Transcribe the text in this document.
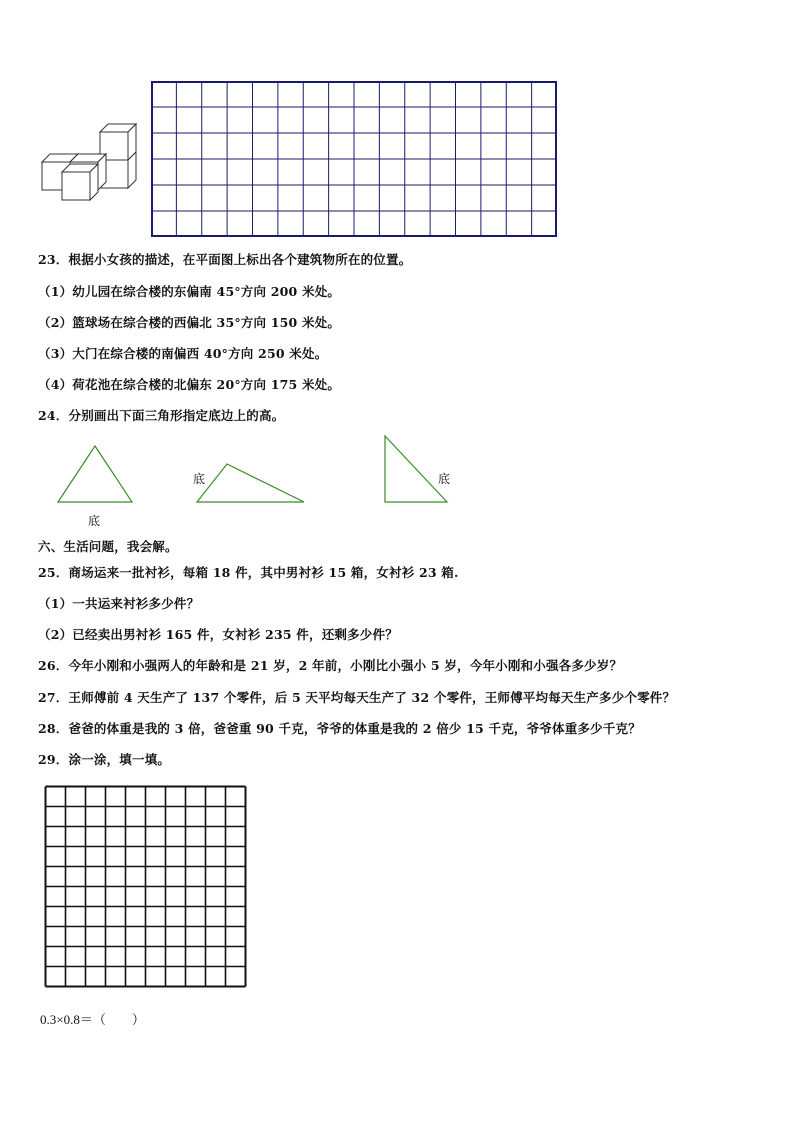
23．根据小女孩的描述，在平面图上标出各个建筑物所在的位置。
（1）幼儿园在综合楼的东偏南 45°方向 200 米处。
（2）篮球场在综合楼的西偏北 35°方向 150 米处。
（3）大门在综合楼的南偏西 40°方向 250 米处。
（4）荷花池在综合楼的北偏东 20°方向 175 米处。
24．分别画出下面三角形指定底边上的高。
底
底	底
六、生活问题，我会解。
25．商场运来一批衬衫，每箱 18 件，其中男衬衫 15 箱，女衬衫 23 箱.
（1）一共运来衬衫多少件？
（2）已经卖出男衬衫 165 件，女衬衫 235 件，还剩多少件？
26．今年小刚和小强两人的年龄和是 21 岁，2 年前，小刚比小强小 5 岁，今年小刚和小强各多少岁？
27．王师傅前 4 天生产了 137 个零件，后 5 天平均每天生产了 32 个零件，王师傅平均每天生产多少个零件？
28．爸爸的体重是我的 3 倍，爸爸重 90 千克，爷爷的体重是我的 2 倍少 15 千克，爷爷体重多少千克？
29．涂一涂，填一填。
0.3×0.8＝（　　）
